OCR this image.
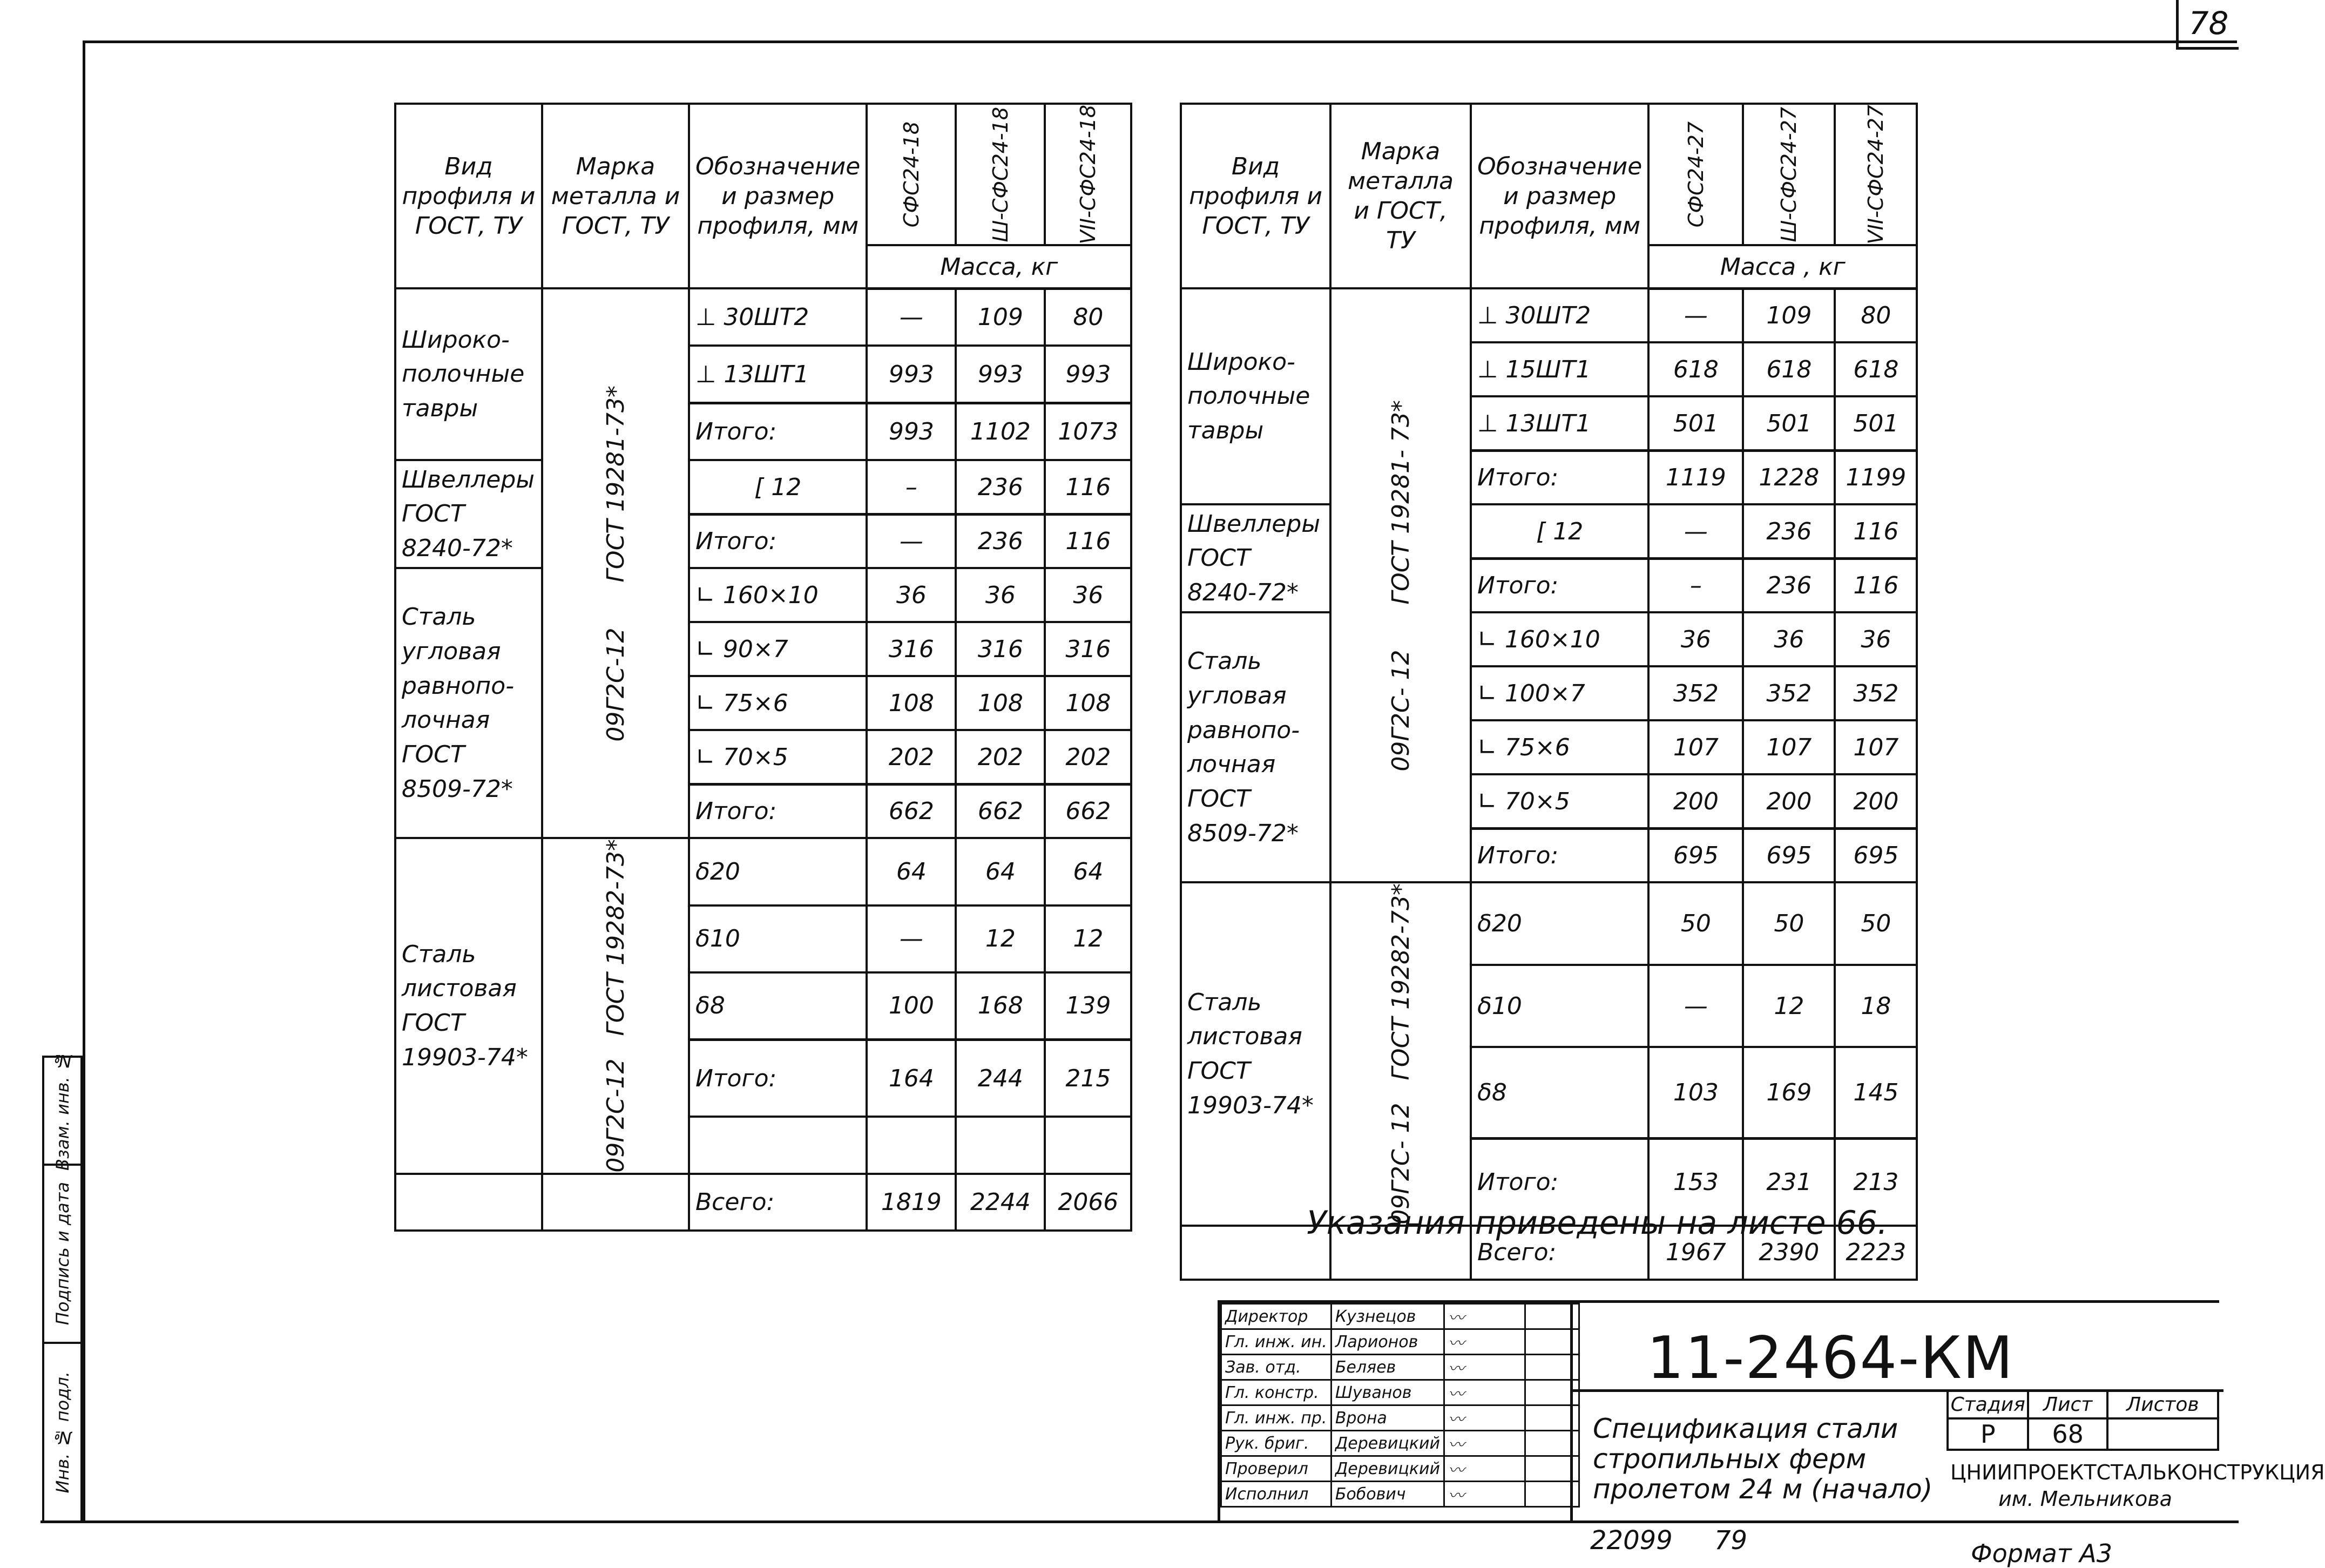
78
Вид профиля и ГОСТ, ТУ	Марка металла и ГОСТ, ТУ	Обозначение и размер профиля, мм	СФС24-18	Ш-СФС24-18	VII-СФС24-18

			Масса, кг		
Широко- полочные тавры	09Г2С-12      ГОСТ 19281-73*	⊥ 30ШТ2	—	109	80
		⊥ 13ШТ1	993	993	993
		Итого:	993	1102	1073
Швеллеры ГОСТ 8240-72*		[ 12	–	236	116
		Итого:	—	236	116
Сталь угловая равнопо- лочная ГОСТ 8509-72*		∟ 160×10	36	36	36
		∟ 90×7	316	316	316
		∟ 75×6	108	108	108
		∟ 70×5	202	202	202
		Итого:	662	662	662
Сталь листовая ГОСТ 19903-74*	09Г2С-12   ГОСТ 19282-73*	δ20	64	64	64
		δ10	—	12	12
		δ8	100	168	139
		Итого:	164	244	215

		Всего:	1819	2244	2066
Вид профиля и ГОСТ, ТУ	Марка металла и ГОСТ, ТУ	Обозначение и размер профиля, мм	СФС24-27	Ш-СФС24-27	VII-СФС24-27

			Масса , кг		
Широко- полочные тавры	09Г2С- 12      ГОСТ 19281- 73*	⊥ 30ШТ2	—	109	80
		⊥ 15ШТ1	618	618	618
		⊥ 13ШТ1	501	501	501
		Итого:	1119	1228	1199
Швеллеры ГОСТ 8240-72*		[ 12	—	236	116
		Итого:	–	236	116
Сталь угловая равнопо- лочная ГОСТ 8509-72*		∟ 160×10	36	36	36
		∟ 100×7	352	352	352
		∟ 75×6	107	107	107
		∟ 70×5	200	200	200
		Итого:	695	695	695
Сталь листовая ГОСТ 19903-74*	09Г2С- 12   ГОСТ 19282-73*	δ20	50	50	50
		δ10	—	12	18
		δ8	103	169	145
		Итого:	153	231	213
		Всего:	1967	2390	2223
Указания приведены на листе 66.
Директор	Кузнецов	〰	
Гл. инж. ин.	Ларионов	〰	
Зав. отд.	Беляев	〰	
Гл. констр.	Шуванов	〰	
Гл. инж. пр.	Врона	〰	
Рук. бриг.	Деревицкий	〰	
Проверил	Деревицкий	〰	
Исполнил	Бобович	〰	
11-2464-КМ
Спецификация стали стропильных ферм пролетом 24 м (начало)
Стадия	Лист	Листов
Р	68	
ЦНИИПРОЕКТСТАЛЬКОНСТРУКЦИЯ
им. Мельникова
22099 79	Формат А3
Взам. инв. №
Подпись и дата
Инв. № подл.
